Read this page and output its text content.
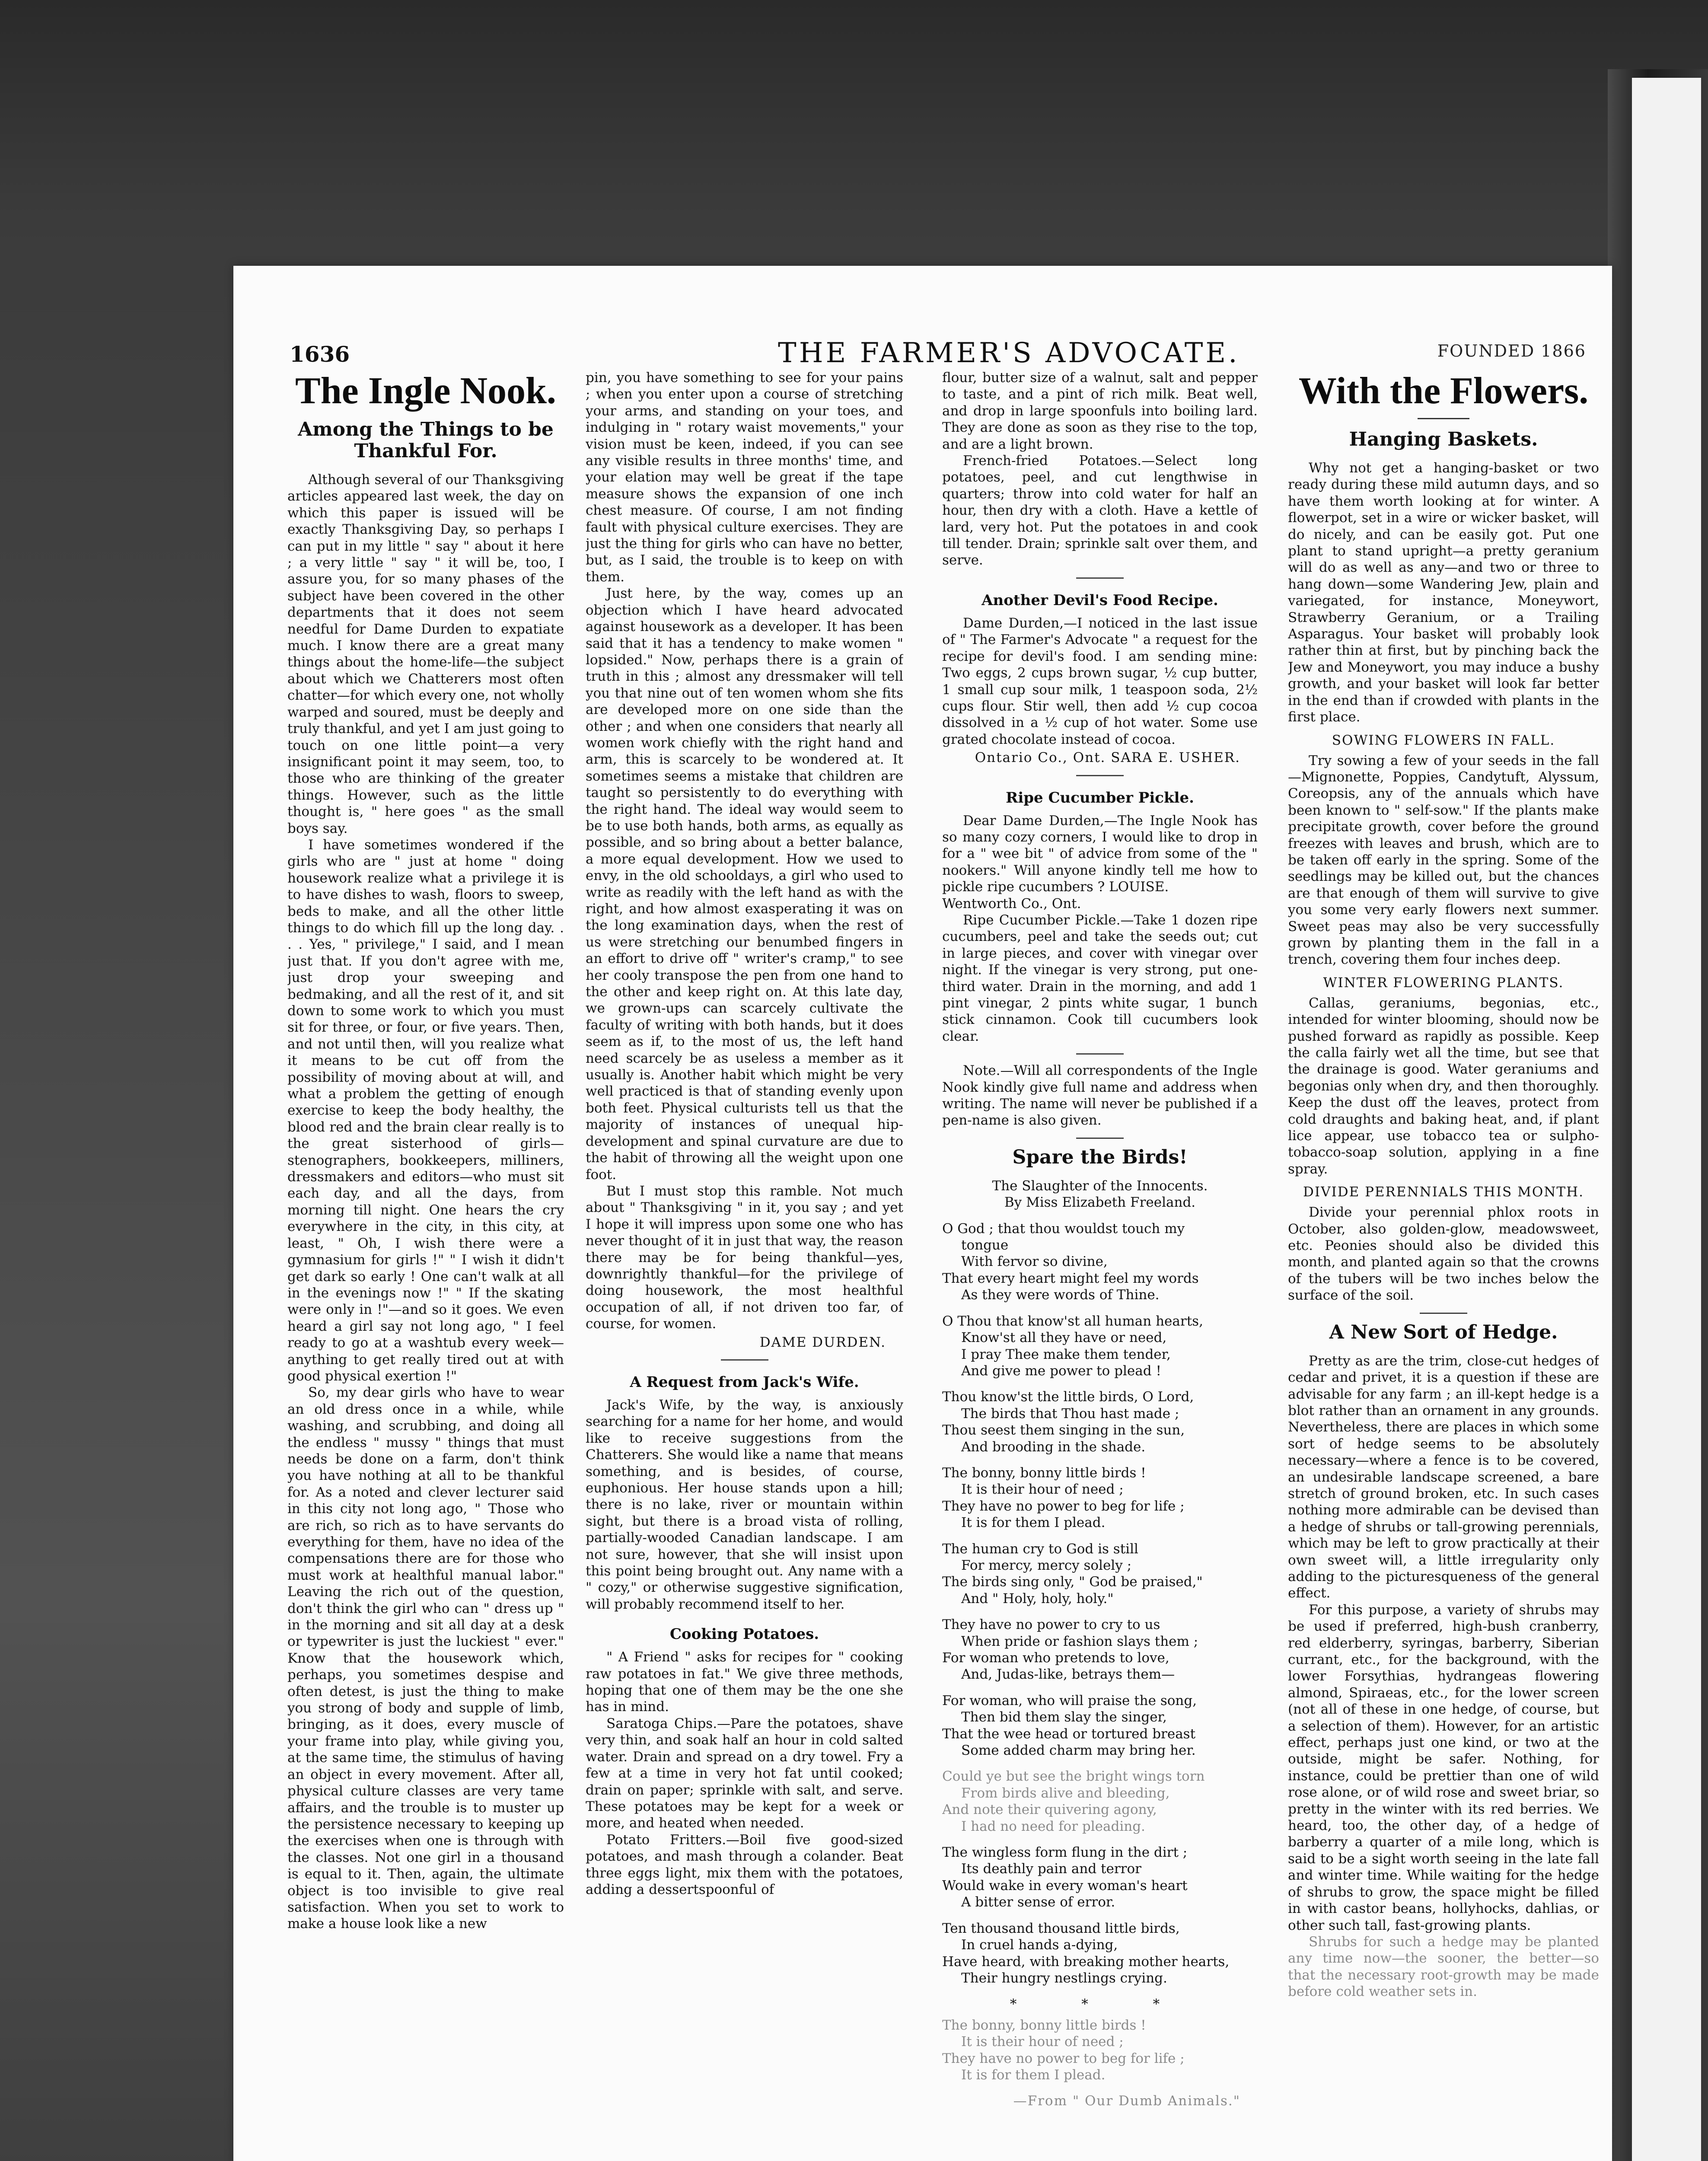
1636	THE FARMER'S ADVOCATE.	FOUNDED 1866
The Ingle Nook.
Among the Things to be Thankful For.

Although several of our Thanksgiving articles appeared last week, the day on which this paper is issued will be exactly Thanksgiving Day, so perhaps I can put in my little " say " about it here ; a very little " say " it will be, too, I assure you, for so many phases of the subject have been covered in the other departments that it does not seem needful for Dame Durden to expatiate much. I know there are a great many things about the home-life—the subject about which we Chatterers most often chatter—for which every one, not wholly warped and soured, must be deeply and truly thankful, and yet I am just going to touch on one little point—a very insignificant point it may seem, too, to those who are thinking of the greater things. However, such as the little thought is, " here goes " as the small boys say.

I have sometimes wondered if the girls who are " just at home " doing housework realize what a privilege it is to have dishes to wash, floors to sweep, beds to make, and all the other little things to do which fill up the long day. . . . Yes, " privilege," I said, and I mean just that. If you don't agree with me, just drop your sweeping and bedmaking, and all the rest of it, and sit down to some work to which you must sit for three, or four, or five years. Then, and not until then, will you realize what it means to be cut off from the possibility of moving about at will, and what a problem the getting of enough exercise to keep the body healthy, the blood red and the brain clear really is to the great sisterhood of girls—stenographers, bookkeepers, milliners, dressmakers and editors—who must sit each day, and all the days, from morning till night. One hears the cry everywhere in the city, in this city, at least, " Oh, I wish there were a gymnasium for girls !" " I wish it didn't get dark so early ! One can't walk at all in the evenings now !" " If the skating were only in !"—and so it goes. We even heard a girl say not long ago, " I feel ready to go at a washtub every week—anything to get really tired out at with good physical exertion !"

So, my dear girls who have to wear an old dress once in a while, while washing, and scrubbing, and doing all the endless " mussy " things that must needs be done on a farm, don't think you have nothing at all to be thankful for. As a noted and clever lecturer said in this city not long ago, " Those who are rich, so rich as to have servants do everything for them, have no idea of the compensations there are for those who must work at healthful manual labor." Leaving the rich out of the question, don't think the girl who can " dress up " in the morning and sit all day at a desk or typewriter is just the luckiest " ever." Know that the housework which, perhaps, you sometimes despise and often detest, is just the thing to make you strong of body and supple of limb, bringing, as it does, every muscle of your frame into play, while giving you, at the same time, the stimulus of having an object in every movement. After all, physical culture classes are very tame affairs, and the trouble is to muster up the persistence necessary to keeping up the exercises when one is through with the classes. Not one girl in a thousand is equal to it. Then, again, the ultimate object is too invisible to give real satisfaction. When you set to work to make a house look like a new

pin, you have something to see for your pains ; when you enter upon a course of stretching your arms, and standing on your toes, and indulging in " rotary waist movements," your vision must be keen, indeed, if you can see any visible results in three months' time, and your elation may well be great if the tape measure shows the expansion of one inch chest measure. Of course, I am not finding fault with physical culture exercises. They are just the thing for girls who can have no better, but, as I said, the trouble is to keep on with them.

Just here, by the way, comes up an objection which I have heard advocated against housework as a developer. It has been said that it has a tendency to make women " lopsided." Now, perhaps there is a grain of truth in this ; almost any dressmaker will tell you that nine out of ten women whom she fits are developed more on one side than the other ; and when one considers that nearly all women work chiefly with the right hand and arm, this is scarcely to be wondered at. It sometimes seems a mistake that children are taught so persistently to do everything with the right hand. The ideal way would seem to be to use both hands, both arms, as equally as possible, and so bring about a better balance, a more equal development. How we used to envy, in the old schooldays, a girl who used to write as readily with the left hand as with the right, and how almost exasperating it was on the long examination days, when the rest of us were stretching our benumbed fingers in an effort to drive off " writer's cramp," to see her cooly transpose the pen from one hand to the other and keep right on. At this late day, we grown-ups can scarcely cultivate the faculty of writing with both hands, but it does seem as if, to the most of us, the left hand need scarcely be as useless a member as it usually is. Another habit which might be very well practiced is that of standing evenly upon both feet. Physical culturists tell us that the majority of instances of unequal hip-development and spinal curvature are due to the habit of throwing all the weight upon one foot.

But I must stop this ramble. Not much about " Thanksgiving " in it, you say ; and yet I hope it will impress upon some one who has never thought of it in just that way, the reason there may be for being thankful—yes, downrightly thankful—for the privilege of doing housework, the most healthful occupation of all, if not driven too far, of course, for women.

DAME DURDEN.
A Request from Jack's Wife.

Jack's Wife, by the way, is anxiously searching for a name for her home, and would like to receive suggestions from the Chatterers. She would like a name that means something, and is besides, of course, euphonious. Her house stands upon a hill; there is no lake, river or mountain within sight, but there is a broad vista of rolling, partially-wooded Canadian landscape. I am not sure, however, that she will insist upon this point being brought out. Any name with a " cozy," or otherwise suggestive signification, will probably recommend itself to her.

Cooking Potatoes.

" A Friend " asks for recipes for " cooking raw potatoes in fat." We give three methods, hoping that one of them may be the one she has in mind.

Saratoga Chips.—Pare the potatoes, shave very thin, and soak half an hour in cold salted water. Drain and spread on a dry towel. Fry a few at a time in very hot fat until cooked; drain on paper; sprinkle with salt, and serve. These potatoes may be kept for a week or more, and heated when needed.

Potato Fritters.—Boil five good-sized potatoes, and mash through a colander. Beat three eggs light, mix them with the potatoes, adding a dessertspoonful of

flour, butter size of a walnut, salt and pepper to taste, and a pint of rich milk. Beat well, and drop in large spoonfuls into boiling lard. They are done as soon as they rise to the top, and are a light brown.

French-fried Potatoes.—Select long potatoes, peel, and cut lengthwise in quarters; throw into cold water for half an hour, then dry with a cloth. Have a kettle of lard, very hot. Put the potatoes in and cook till tender. Drain; sprinkle salt over them, and serve.

Another Devil's Food Recipe.

Dame Durden,—I noticed in the last issue of " The Farmer's Advocate " a request for the recipe for devil's food. I am sending mine: Two eggs, 2 cups brown sugar, ½ cup butter, 1 small cup sour milk, 1 teaspoon soda, 2½ cups flour. Stir well, then add ½ cup cocoa dissolved in a ½ cup of hot water. Some use grated chocolate instead of cocoa.

Ontario Co., Ont. SARA E. USHER.
Ripe Cucumber Pickle.

Dear Dame Durden,—The Ingle Nook has so many cozy corners, I would like to drop in for a " wee bit " of advice from some of the " nookers." Will anyone kindly tell me how to pickle ripe cucumbers ? LOUISE.

Wentworth Co., Ont.

Ripe Cucumber Pickle.—Take 1 dozen ripe cucumbers, peel and take the seeds out; cut in large pieces, and cover with vinegar over night. If the vinegar is very strong, put one-third water. Drain in the morning, and add 1 pint vinegar, 2 pints white sugar, 1 bunch stick cinnamon. Cook till cucumbers look clear.

Note.—Will all correspondents of the Ingle Nook kindly give full name and address when writing. The name will never be published if a pen-name is also given.

Spare the Birds!

The Slaughter of the Innocents.

By Miss Elizabeth Freeland.

O God ; that thou wouldst touch my
tongue
With fervor so divine,
That every heart might feel my words
As they were words of Thine.
O Thou that know'st all human hearts,
Know'st all they have or need,
I pray Thee make them tender,
And give me power to plead !
Thou know'st the little birds, O Lord,
The birds that Thou hast made ;
Thou seest them singing in the sun,
And brooding in the shade.
The bonny, bonny little birds !
It is their hour of need ;
They have no power to beg for life ;
It is for them I plead.
The human cry to God is still
For mercy, mercy solely ;
The birds sing only, " God be praised,"
And " Holy, holy, holy."
They have no power to cry to us
When pride or fashion slays them ;
For woman who pretends to love,
And, Judas-like, betrays them—
For woman, who will praise the song,
Then bid them slay the singer,
That the wee head or tortured breast
Some added charm may bring her.
Could ye but see the bright wings torn
From birds alive and bleeding,
And note their quivering agony,
I had no need for pleading.
The wingless form flung in the dirt ;
Its deathly pain and terror
Would wake in every woman's heart
A bitter sense of error.
Ten thousand thousand little birds,
In cruel hands a-dying,
Have heard, with breaking mother hearts,
Their hungry nestlings crying.
* * *
The bonny, bonny little birds !
It is their hour of need ;
They have no power to beg for life ;
It is for them I plead.
—From " Our Dumb Animals."
With the Flowers.
Hanging Baskets.

Why not get a hanging-basket or two ready during these mild autumn days, and so have them worth looking at for winter. A flowerpot, set in a wire or wicker basket, will do nicely, and can be easily got. Put one plant to stand upright—a pretty geranium will do as well as any—and two or three to hang down—some Wandering Jew, plain and variegated, for instance, Moneywort, Strawberry Geranium, or a Trailing Asparagus. Your basket will probably look rather thin at first, but by pinching back the Jew and Moneywort, you may induce a bushy growth, and your basket will look far better in the end than if crowded with plants in the first place.

SOWING FLOWERS IN FALL.

Try sowing a few of your seeds in the fall—Mignonette, Poppies, Candytuft, Alyssum, Coreopsis, any of the annuals which have been known to " self-sow." If the plants make precipitate growth, cover before the ground freezes with leaves and brush, which are to be taken off early in the spring. Some of the seedlings may be killed out, but the chances are that enough of them will survive to give you some very early flowers next summer. Sweet peas may also be very successfully grown by planting them in the fall in a trench, covering them four inches deep.

WINTER FLOWERING PLANTS.

Callas, geraniums, begonias, etc., intended for winter blooming, should now be pushed forward as rapidly as possible. Keep the calla fairly wet all the time, but see that the drainage is good. Water geraniums and begonias only when dry, and then thoroughly. Keep the dust off the leaves, protect from cold draughts and baking heat, and, if plant lice appear, use tobacco tea or sulpho-tobacco-soap solution, applying in a fine spray.

DIVIDE PERENNIALS THIS MONTH.

Divide your perennial phlox roots in October, also golden-glow, meadowsweet, etc. Peonies should also be divided this month, and planted again so that the crowns of the tubers will be two inches below the surface of the soil.

A New Sort of Hedge.

Pretty as are the trim, close-cut hedges of cedar and privet, it is a question if these are advisable for any farm ; an ill-kept hedge is a blot rather than an ornament in any grounds. Nevertheless, there are places in which some sort of hedge seems to be absolutely necessary—where a fence is to be covered, an undesirable landscape screened, a bare stretch of ground broken, etc. In such cases nothing more admirable can be devised than a hedge of shrubs or tall-growing perennials, which may be left to grow practically at their own sweet will, a little irregularity only adding to the picturesqueness of the general effect.

For this purpose, a variety of shrubs may be used if preferred, high-bush cranberry, red elderberry, syringas, barberry, Siberian currant, etc., for the background, with the lower Forsythias, hydrangeas flowering almond, Spiraeas, etc., for the lower screen (not all of these in one hedge, of course, but a selection of them). However, for an artistic effect, perhaps just one kind, or two at the outside, might be safer. Nothing, for instance, could be prettier than one of wild rose alone, or of wild rose and sweet briar, so pretty in the winter with its red berries. We heard, too, the other day, of a hedge of barberry a quarter of a mile long, which is said to be a sight worth seeing in the late fall and winter time. While waiting for the hedge of shrubs to grow, the space might be filled in with castor beans, hollyhocks, dahlias, or other such tall, fast-growing plants.

Shrubs for such a hedge may be planted any time now—the sooner, the better—so that the necessary root-growth may be made before cold weather sets in.
